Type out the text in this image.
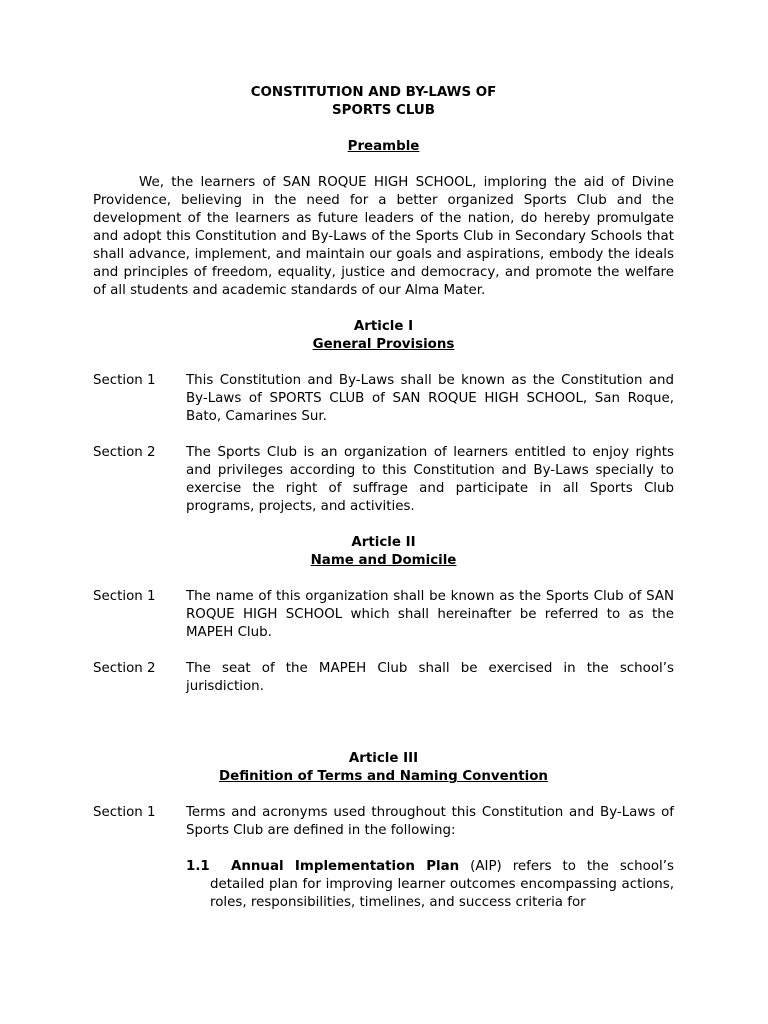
CONSTITUTION AND BY-LAWS OF
SPORTS CLUB
Preamble
We, the learners of SAN ROQUE HIGH SCHOOL, imploring the aid of Divine Providence, believing in the need for a better organized Sports Club and the development of the learners as future leaders of the nation, do hereby promulgate and adopt this Constitution and By-Laws of the Sports Club in Secondary Schools that shall advance, implement, and maintain our goals and aspirations, embody the ideals and principles of freedom, equality, justice and democracy, and promote the welfare of all students and academic standards of our Alma Mater.
Article I
General Provisions
Section 1	This Constitution and By-Laws shall be known as the Constitution and By-Laws of SPORTS CLUB of SAN ROQUE HIGH SCHOOL, San Roque, Bato, Camarines Sur.
Section 2	The Sports Club is an organization of learners entitled to enjoy rights and privileges according to this Constitution and By-Laws specially to exercise the right of suffrage and participate in all Sports Club programs, projects, and activities.
Article II
Name and Domicile
Section 1	The name of this organization shall be known as the Sports Club of SAN ROQUE HIGH SCHOOL which shall hereinafter be referred to as the MAPEH Club.
Section 2	The seat of the MAPEH Club shall be exercised in the school’s jurisdiction.
Article III
Definition of Terms and Naming Convention
Section 1	Terms and acronyms used throughout this Constitution and By-Laws of Sports Club are defined in the following:
1.1 Annual Implementation Plan (AIP) refers to the school’s detailed plan for improving learner outcomes encompassing actions, roles, responsibilities, timelines, and success criteria for
